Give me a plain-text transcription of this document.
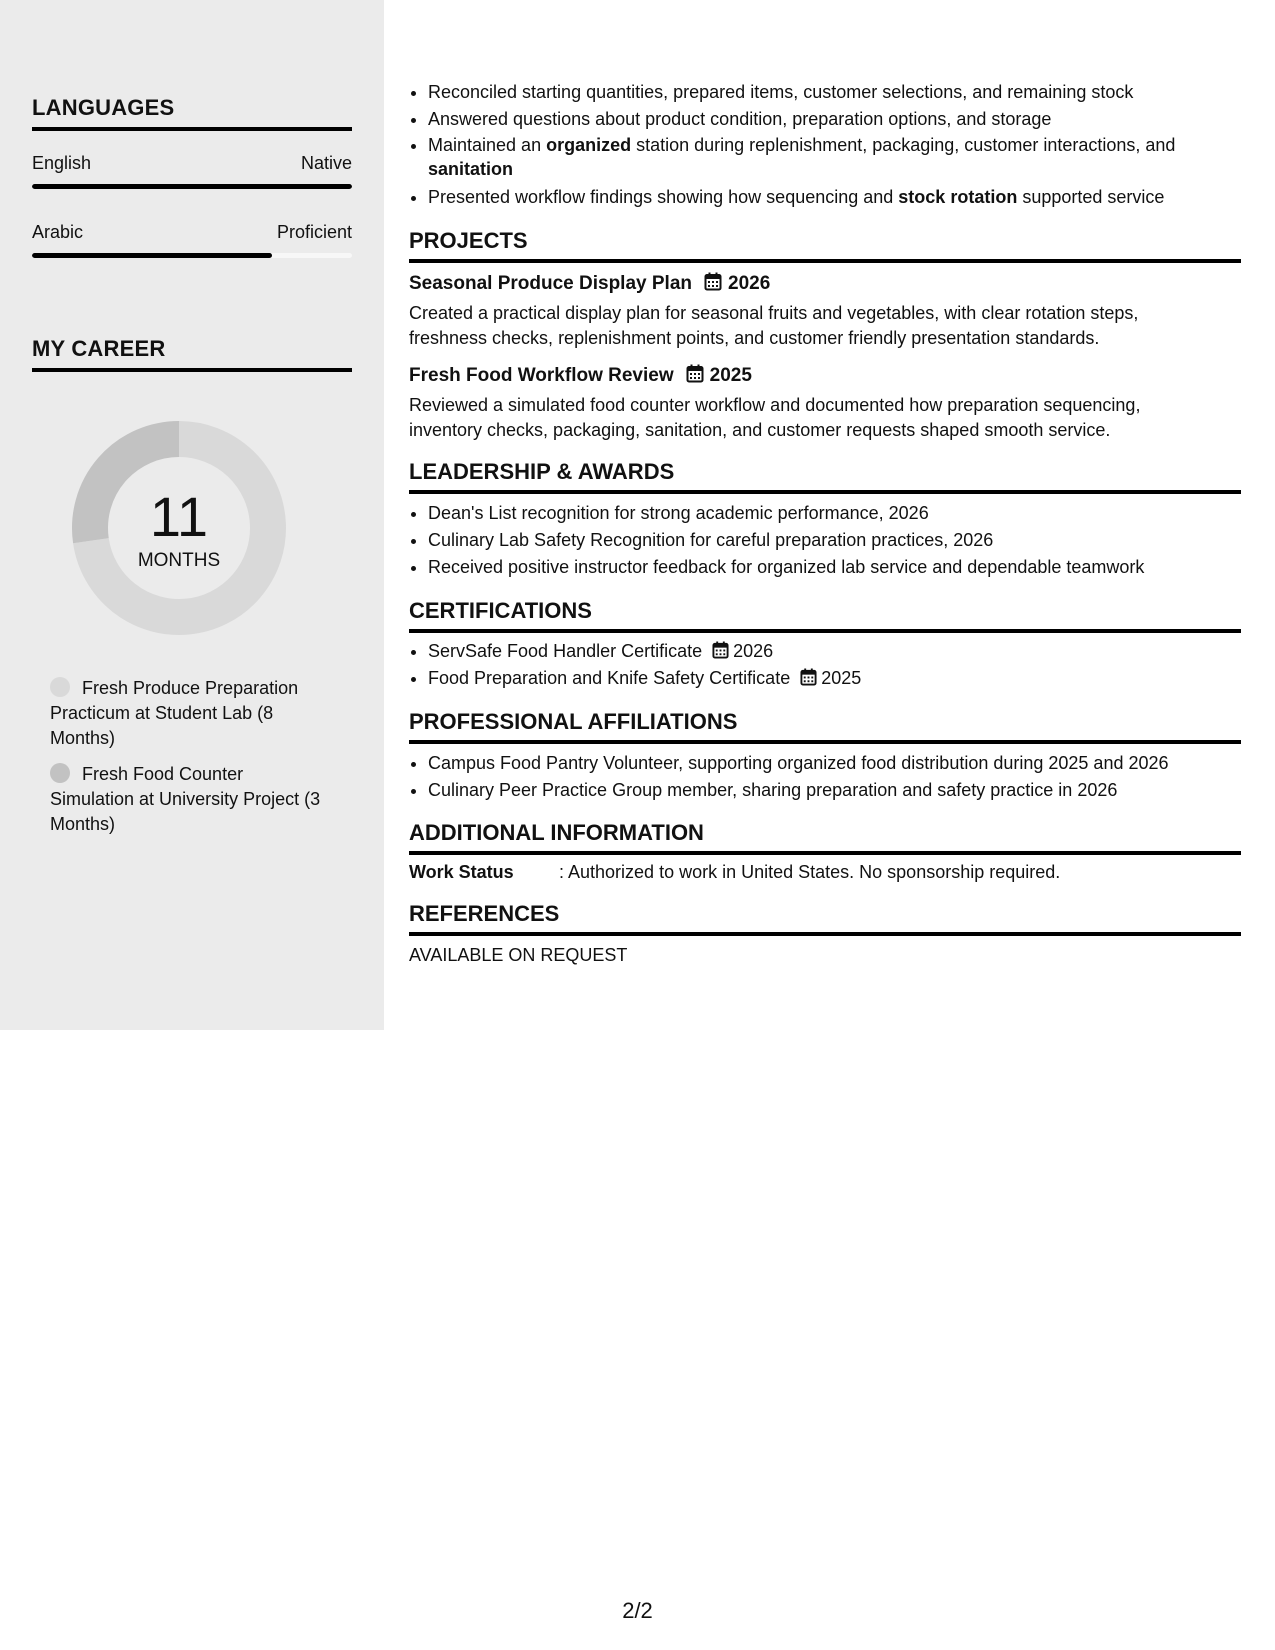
LANGUAGES
English	Native
Arabic	Proficient
MY CAREER
11
MONTHS
Fresh Produce Preparation Practicum at Student Lab (8 Months)
Fresh Food Counter Simulation at University Project (3 Months)
• Reconciled starting quantities, prepared items, customer selections, and remaining stock
• Answered questions about product condition, preparation options, and storage
• Maintained an organized station during replenishment, packaging, customer interactions, and sanitation
• Presented workflow findings showing how sequencing and stock rotation supported service
PROJECTS
Seasonal Produce Display Plan 2026
Created a practical display plan for seasonal fruits and vegetables, with clear rotation steps, freshness checks, replenishment points, and customer friendly presentation standards.
Fresh Food Workflow Review 2025
Reviewed a simulated food counter workflow and documented how preparation sequencing, inventory checks, packaging, sanitation, and customer requests shaped smooth service.
LEADERSHIP & AWARDS
• Dean's List recognition for strong academic performance, 2026
• Culinary Lab Safety Recognition for careful preparation practices, 2026
• Received positive instructor feedback for organized lab service and dependable teamwork
CERTIFICATIONS
• ServSafe Food Handler Certificate 2026
• Food Preparation and Knife Safety Certificate 2025
PROFESSIONAL AFFILIATIONS
• Campus Food Pantry Volunteer, supporting organized food distribution during 2025 and 2026
• Culinary Peer Practice Group member, sharing preparation and safety practice in 2026
ADDITIONAL INFORMATION
Work Status	: Authorized to work in United States. No sponsorship required.
REFERENCES
AVAILABLE ON REQUEST
2/2
